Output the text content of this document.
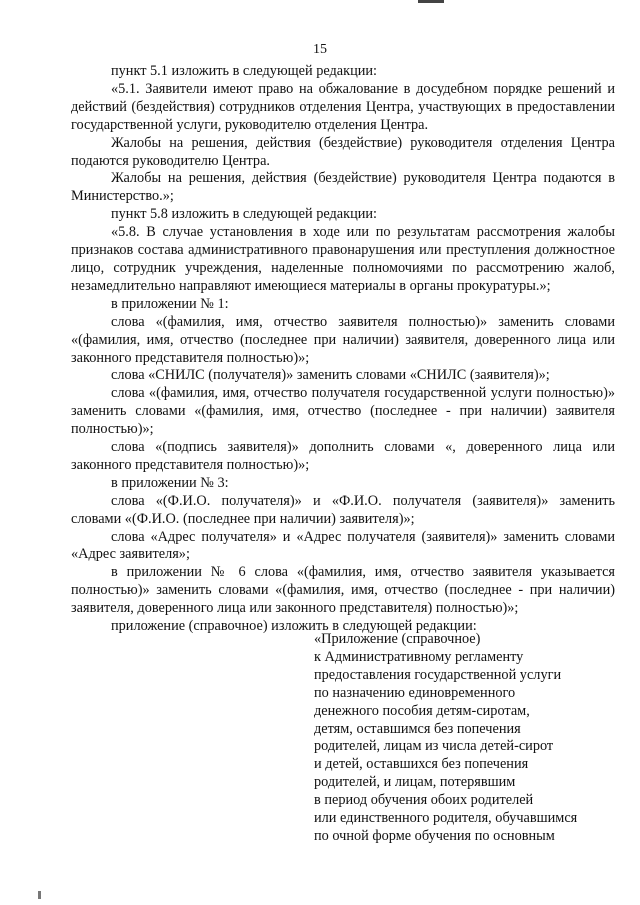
15

пункт 5.1 изложить в следующей редакции:

«5.1. Заявители имеют право на обжалование в досудебном порядке решений и действий (бездействия) сотрудников отделения Центра, участвующих в предоставлении государственной услуги, руководителю отделения Центра.

Жалобы на решения, действия (бездействие) руководителя отделения Центра подаются руководителю Центра.

Жалобы на решения, действия (бездействие) руководителя Центра подаются в Министерство.»;

пункт 5.8 изложить в следующей редакции:

«5.8. В случае установления в ходе или по результатам рассмотрения жалобы признаков состава административного правонарушения или преступления должностное лицо, сотрудник учреждения, наделенные полномочиями по рассмотрению жалоб, незамедлительно направляют имеющиеся материалы в органы прокуратуры.»;

в приложении № 1:

слова «(фамилия, имя, отчество заявителя полностью)» заменить словами «(фамилия, имя, отчество (последнее при наличии) заявителя, доверенного лица или законного представителя полностью)»;

слова «СНИЛС (получателя)» заменить словами «СНИЛС (заявителя)»;

слова «(фамилия, имя, отчество получателя государственной услуги полностью)» заменить словами «(фамилия, имя, отчество (последнее - при наличии) заявителя полностью)»;

слова «(подпись заявителя)» дополнить словами «, доверенного лица или законного представителя полностью)»;

в приложении № 3:

слова «(Ф.И.О. получателя)» и «Ф.И.О. получателя (заявителя)» заменить словами «(Ф.И.О. (последнее при наличии) заявителя)»;

слова «Адрес получателя» и «Адрес получателя (заявителя)» заменить словами «Адрес заявителя»;

в приложении № 6 слова «(фамилия, имя, отчество заявителя указывается полностью)» заменить словами «(фамилия, имя, отчество (последнее - при наличии) заявителя, доверенного лица или законного представителя) полностью)»;

приложение (справочное) изложить в следующей редакции:

«Приложение (справочное)
к Административному регламенту
предоставления государственной услуги
по назначению единовременного
денежного пособия детям-сиротам,
детям, оставшимся без попечения
родителей, лицам из числа детей-сирот
и детей, оставшихся без попечения
родителей, и лицам, потерявшим
в период обучения обоих родителей
или единственного родителя, обучавшимся
по очной форме обучения по основным
